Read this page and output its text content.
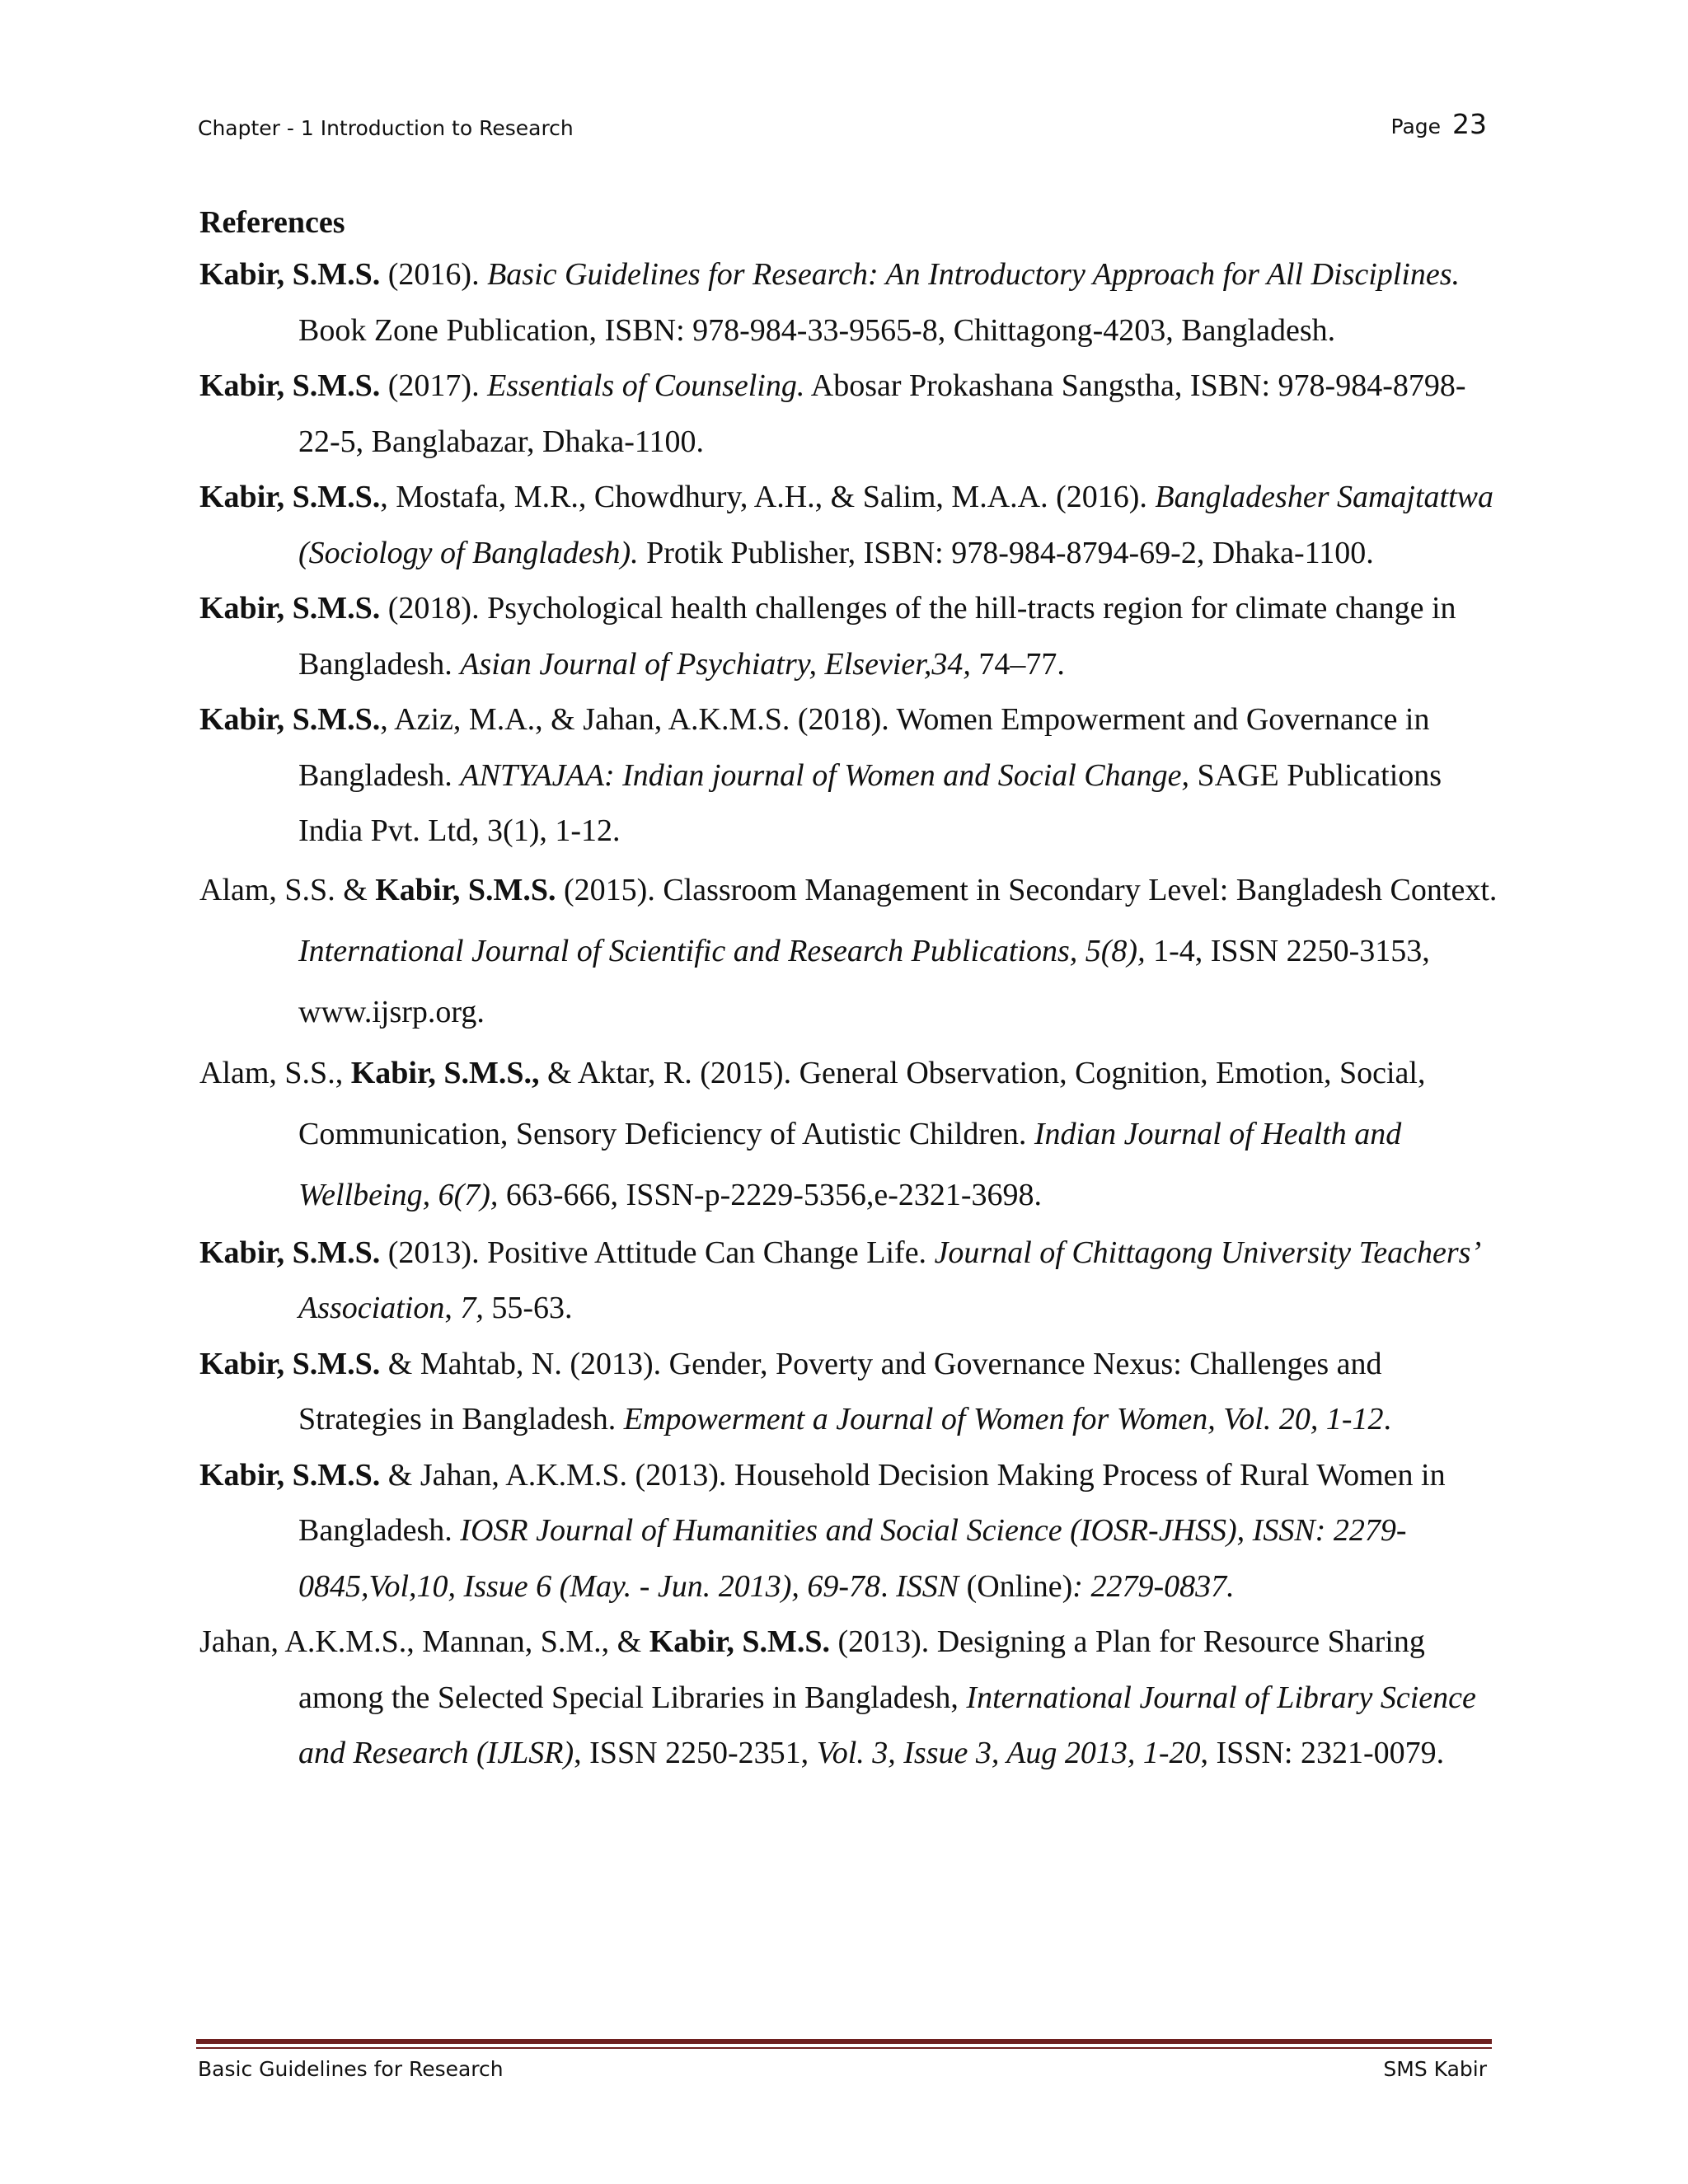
Chapter - 1 Introduction to Research	Page 23

References

Kabir, S.M.S. (2016). Basic Guidelines for Research: An Introductory Approach for All Disciplines. Book Zone Publication, ISBN: 978-984-33-9565-8, Chittagong-4203, Bangladesh.

Kabir, S.M.S. (2017). Essentials of Counseling. Abosar Prokashana Sangstha, ISBN: 978-984-8798-22-5, Banglabazar, Dhaka-1100.

Kabir, S.M.S., Mostafa, M.R., Chowdhury, A.H., & Salim, M.A.A. (2016). Bangladesher Samajtattwa (Sociology of Bangladesh). Protik Publisher, ISBN: 978-984-8794-69-2, Dhaka-1100.

Kabir, S.M.S. (2018). Psychological health challenges of the hill-tracts region for climate change in Bangladesh. Asian Journal of Psychiatry, Elsevier,34, 74–77.

Kabir, S.M.S., Aziz, M.A., & Jahan, A.K.M.S. (2018). Women Empowerment and Governance in Bangladesh. ANTYAJAA: Indian journal of Women and Social Change, SAGE Publications India Pvt. Ltd, 3(1), 1-12.

Alam, S.S. & Kabir, S.M.S. (2015). Classroom Management in Secondary Level: Bangladesh Context. International Journal of Scientific and Research Publications, 5(8), 1-4, ISSN 2250-3153, www.ijsrp.org.

Alam, S.S., Kabir, S.M.S., & Aktar, R. (2015). General Observation, Cognition, Emotion, Social, Communication, Sensory Deficiency of Autistic Children. Indian Journal of Health and Wellbeing, 6(7), 663-666, ISSN-p-2229-5356,e-2321-3698.

Kabir, S.M.S. (2013). Positive Attitude Can Change Life. Journal of Chittagong University Teachers’ Association, 7, 55-63.

Kabir, S.M.S. & Mahtab, N. (2013). Gender, Poverty and Governance Nexus: Challenges and Strategies in Bangladesh. Empowerment a Journal of Women for Women, Vol. 20, 1-12.

Kabir, S.M.S. & Jahan, A.K.M.S. (2013). Household Decision Making Process of Rural Women in Bangladesh. IOSR Journal of Humanities and Social Science (IOSR-JHSS), ISSN: 2279-0845,Vol,10, Issue 6 (May. - Jun. 2013), 69-78. ISSN (Online): 2279-0837.

Jahan, A.K.M.S., Mannan, S.M., & Kabir, S.M.S. (2013). Designing a Plan for Resource Sharing among the Selected Special Libraries in Bangladesh, International Journal of Library Science and Research (IJLSR), ISSN 2250-2351, Vol. 3, Issue 3, Aug 2013, 1-20, ISSN: 2321-0079.

Basic Guidelines for Research	SMS Kabir
